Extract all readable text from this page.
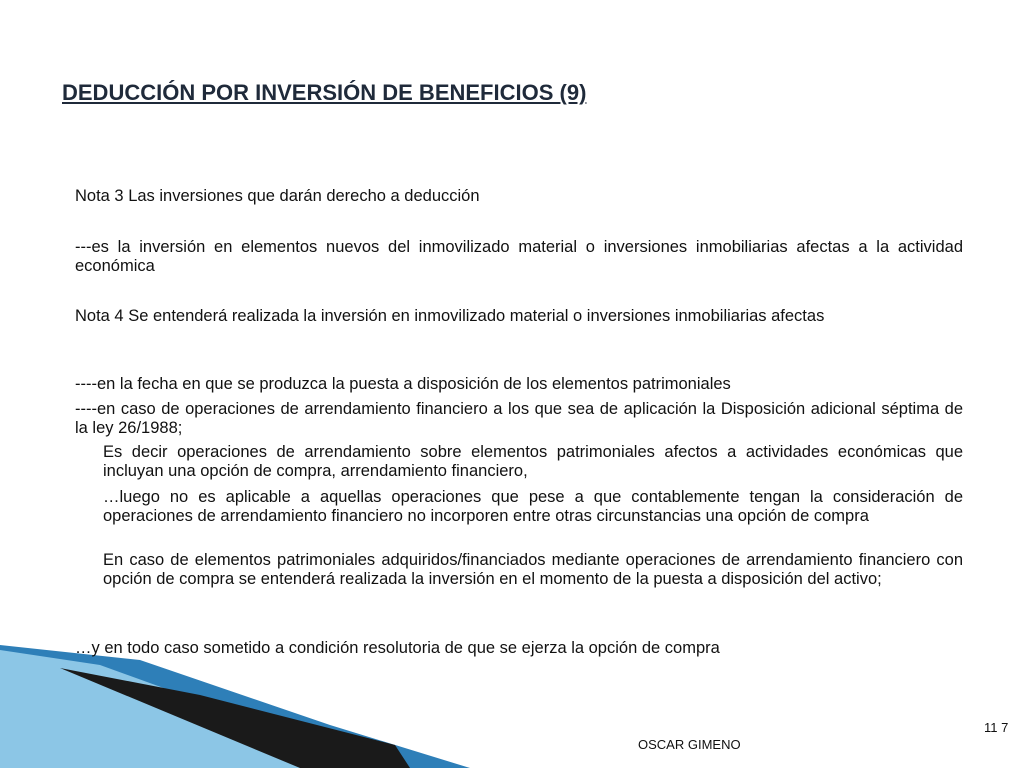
DEDUCCIÓN POR INVERSIÓN DE BENEFICIOS (9)
Nota 3 Las inversiones que darán derecho a deducción
---es la inversión en elementos nuevos del inmovilizado material o inversiones inmobiliarias afectas a la actividad económica
Nota 4 Se entenderá realizada la inversión en inmovilizado material o inversiones inmobiliarias afectas
----en la fecha en que se produzca la puesta a disposición de los elementos patrimoniales
----en caso de operaciones de arrendamiento financiero a los que sea de aplicación la Disposición adicional séptima de la ley 26/1988;
Es decir operaciones de arrendamiento sobre elementos patrimoniales afectos a actividades económicas que incluyan una opción de compra, arrendamiento financiero,
…luego no es aplicable a aquellas operaciones que pese a que contablemente tengan la consideración de operaciones de arrendamiento financiero no incorporen entre otras circunstancias una opción de compra
En caso de elementos patrimoniales adquiridos/financiados mediante operaciones de arrendamiento financiero con opción de compra se entenderá realizada la inversión en el momento de la puesta a disposición del activo;
…y en todo caso sometido a condición resolutoria de que se ejerza la opción de compra
OSCAR GIMENO
11 7
